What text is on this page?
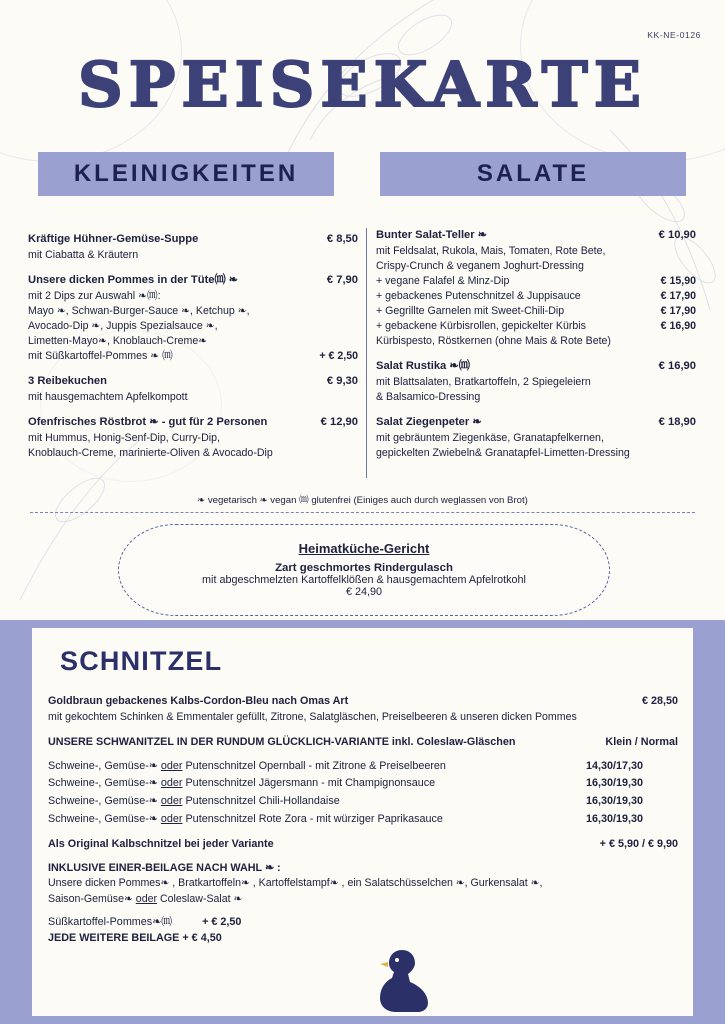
KK-NE-0126
SPEISEKARTE
KLEINIGKEITEN	SALATE
Kräftige Hühner-Gemüse-Suppe	€ 8,50
mit Ciabatta & Kräutern
Unsere dicken Pommes in der Tüte⒨ ❧	€ 7,90
mit 2 Dips zur Auswahl ❧⒨:
Mayo ❧, Schwan-Burger-Sauce ❧, Ketchup ❧,
Avocado-Dip ❧, Juppis Spezialsauce ❧,
Limetten-Mayo❧, Knoblauch-Creme❧
mit Süßkartoffel-Pommes ❧ ⒨	+ € 2,50
3 Reibekuchen	€ 9,30
mit hausgemachtem Apfelkompott
Ofenfrisches Röstbrot ❧ - gut für 2 Personen	€ 12,90
mit Hummus, Honig-Senf-Dip, Curry-Dip,
Knoblauch-Creme, marinierte-Oliven & Avocado-Dip
Bunter Salat-Teller ❧	€ 10,90
mit Feldsalat, Rukola, Mais, Tomaten, Rote Bete,
Crispy-Crunch & veganem Joghurt-Dressing
+ vegane Falafel & Minz-Dip	€ 15,90
+ gebackenes Putenschnitzel & Juppisauce	€ 17,90
+ Gegrillte Garnelen mit Sweet-Chili-Dip	€ 17,90
+ gebackene Kürbisrollen, gepickelter Kürbis	€ 16,90
Kürbispesto, Röstkernen (ohne Mais & Rote Bete)
Salat Rustika ❧⒨	€ 16,90
mit Blattsalaten, Bratkartoffeln, 2 Spiegeleiern
& Balsamico-Dressing
Salat Ziegenpeter ❧	€ 18,90
mit gebräuntem Ziegenkäse, Granatapfelkernen,
gepickelten Zwiebeln& Granatapfel-Limetten-Dressing
❧ vegetarisch ❧ vegan ⒨ glutenfrei (Einiges auch durch weglassen von Brot)
Heimatküche-Gericht
Zart geschmortes Rindergulasch
mit abgeschmelzten Kartoffelklößen & hausgemachtem Apfelrotkohl
€ 24,90
SCHNITZEL
Goldbraun gebackenes Kalbs-Cordon-Bleu nach Omas Art	€ 28,50
mit gekochtem Schinken & Emmentaler gefüllt, Zitrone, Salatgläschen, Preiselbeeren & unseren dicken Pommes
UNSERE SCHWANITZEL IN DER RUNDUM GLÜCKLICH-VARIANTE inkl. Coleslaw-Gläschen	Klein / Normal
Schweine-, Gemüse-❧ oder Putenschnitzel Opernball - mit Zitrone & Preiselbeeren	14,30/17,30
Schweine-, Gemüse-❧ oder Putenschnitzel Jägersmann - mit Champignonsauce	16,30/19,30
Schweine-, Gemüse-❧ oder Putenschnitzel Chili-Hollandaise	16,30/19,30
Schweine-, Gemüse-❧ oder Putenschnitzel Rote Zora - mit würziger Paprikasauce	16,30/19,30
Als Original Kalbschnitzel bei jeder Variante	+ € 5,90 / € 9,90
INKLUSIVE EINER-BEILAGE NACH WAHL ❧ :
Unsere dicken Pommes❧ , Bratkartoffeln❧ , Kartoffelstampf❧ , ein Salatschüsselchen ❧, Gurkensalat ❧,
Saison-Gemüse❧ oder Coleslaw-Salat ❧
Süßkartoffel-Pommes❧⒨	+ € 2,50
JEDE WEITERE BEILAGE + € 4,50
